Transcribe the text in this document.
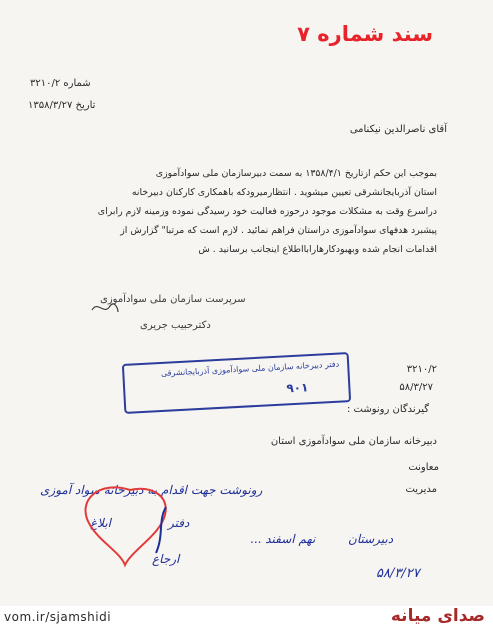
سند شماره ۷
شماره ۳۲۱۰/۲
تاریخ ۱۳۵۸/۳/۲۷
آقای ناصرالدین نیکنامی
بموجب این حکم ازتاریخ ۱۳۵۸/۴/۱ به سمت دبیرسازمان ملی سوادآموزی
استان آذربایجانشرقی تعیین میشوید . انتظارمیرودکه باهمکاری کارکنان دبیرخانه
دراسرع وقت به مشکلات موجود درحوزه فعالیت خود رسیدگی نموده وزمینه لازم رابرای
پیشبرد هدفهای سوادآموزی دراستان فراهم نمائید . لازم است که مرتبا" گزارش از
اقدامات انجام شده وبهبودکارهارابااطلاع اینجانب برسانید . ش
سرپرست سازمان ملی سوادآموزی
دکترحبیب جریری
دفتر دبیرخانه سازمان ملی سوادآموزی آذربایجانشرقی
۹۰۱
۳۲۱۰/۲
۵۸/۳/۲۷
گیرندگان رونوشت :
دبیرخانه سازمان ملی سوادآموزی استان
معاونت
مدیریت
رونوشت جهت اقدام به دبیرخانه سواد آموزی
دفتر
ابلاغ
نهم اسفند ...
ارجاع
دبیرستان
۵۸/۳/۲۷
vom.ir/sjamshidi	صدای میانه
